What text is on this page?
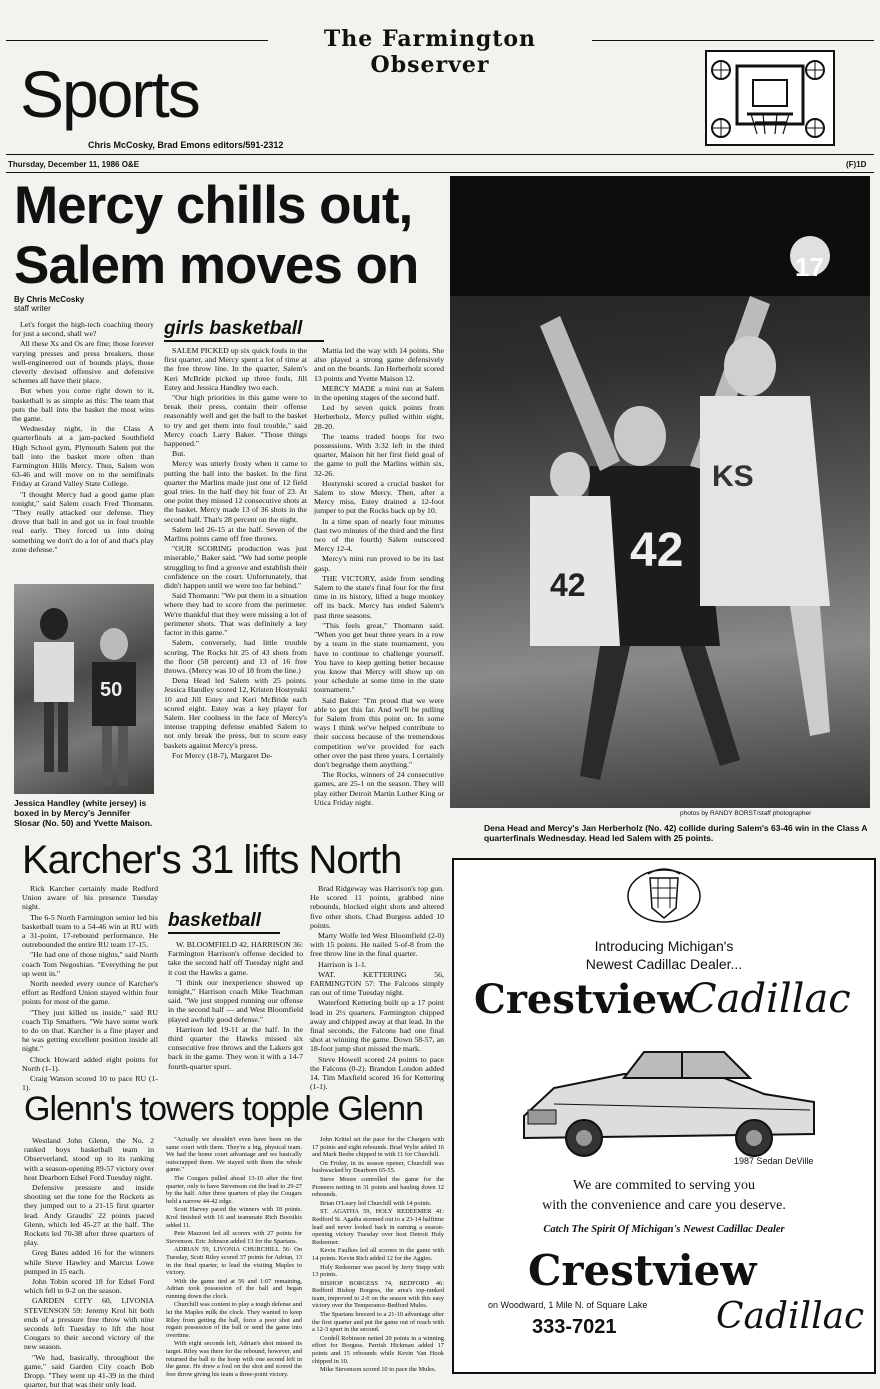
The Farmington Observer
Sports
Chris McCosky, Brad Emons editors/591-2312
Thursday, December 11, 1986 O&E	(F)1D
Mercy chills out,
Salem moves on
By Chris McCosky
staff writer

Let's forget the high-tech coaching theory for just a second, shall we?

All these Xs and Os are fine; those forever varying presses and press breakers, those well-engineered out of bounds plays, those cleverly devised offensive and defensive schemes all have their place.

But when you come right down to it, basketball is as simple as this: The team that puts the ball into the basket the most wins the game.

Wednesday night, in the Class A quarterfinals at a jam-packed Southfield High School gym, Plymouth Salem put the ball into the basket more often than Farmington Hills Mercy. Thus, Salem won 63-46 and will move on to the semifinals Friday at Grand Valley State College.

"I thought Mercy had a good game plan tonight," said Salem coach Fred Thomann. "They really attacked our defense. They drove that ball in and got us in foul trouble real early. They forced us into doing something we don't do a lot of and that's play zone defense."

50
Jessica Handley (white jersey) is boxed in by Mercy's Jennifer Slosar (No. 50) and Yvette Maison.
girls basketball

SALEM PICKED up six quick fouls in the first quarter, and Mercy spent a lot of time at the free throw line. In the quarter, Salem's Keri McBride picked up three fouls, Jill Estey and Jessica Handley two each.

"Our high priorities in this game were to break their press, contain their offense reasonably well and get the ball to the basket to try and get them into foul trouble," said Mercy coach Larry Baker. "Those things happened."

But.

Mercy was utterly frosty when it came to putting the ball into the basket. In the first quarter the Marlins made just one of 12 field goal tries. In the half they hit four of 23. At one point they missed 12 consecutive shots at the basket. Mercy made 13 of 36 shots in the second half. That's 28 percent on the night.

Salem led 26-15 at the half. Seven of the Marlins points came off free throws.

"OUR SCORING production was just miserable," Baker said. "We had some people struggling to find a groove and establish their confidence on the court. Unfortunately, that didn't happen until we were too far behind."

Said Thomann: "We put them in a situation where they had to score from the perimeter. We're thankful that they were missing a lot of perimeter shots. That was definitely a key factor in this game."

Salem, conversely, had little trouble scoring. The Rocks hit 25 of 43 shots from the floor (58 percent) and 13 of 16 free throws. (Mercy was 10 of 18 from the line.)

Dena Head led Salem with 25 points. Jessica Handley scored 12, Kristen Hostynski 10 and Jill Estey and Keri McBride each scored eight. Estey was a key player for Salem. Her coolness in the face of Mercy's intense trapping defense enabled Salem to not only break the press, but to score easy baskets against Mercy's press.

For Mercy (18-7), Margaret De-

Mattia led the way with 14 points. She also played a strong game defensively and on the boards. Jan Herberholz scored 13 points and Yvette Maison 12.

MERCY MADE a mini run at Salem in the opening stages of the second half.

Led by seven quick points from Herberholz, Mercy pulled within eight, 28-20.

The teams traded hoops for two possessions. With 3:32 left in the third quarter, Maison hit her first field goal of the game to pull the Marlins within six, 32-26.

Hostynski scored a crucial basket for Salem to slow Mercy. Then, after a Mercy miss, Estey drained a 12-foot jumper to put the Rocks back up by 10.

In a time span of nearly four minutes (last two minutes of the third and the first two of the fourth) Salem outscored Mercy 12-4.

Mercy's mini run proved to be its last gasp.

THE VICTORY, aside from sending Salem to the state's final four for the first time in its history, lifted a huge monkey off its back. Mercy has ended Salem's past three seasons.

"This feels great," Thomann said. "When you get beat three years in a row by a team in the state tournament, you have to continue to challenge yourself. You have to keep getting better because you know that Mercy will show up on your schedule at some time in the state tournament."

Said Baker: "I'm proud that we were able to get this far. And we'll be pulling for Salem from this point on. In some ways I think we've helped contribute to their success because of the tremendous competition we've provided for each other over the past three years. I certainly don't begrudge them anything."

The Rocks, winners of 24 consecutive games, are 25-1 on the season. They will play either Detroit Martin Luther King or Utica Friday night.

42
KS
42
17
photos by RANDY BORST/staff photographer
Dena Head and Mercy's Jan Herberholz (No. 42) collide during Salem's 63-46 win in the Class A quarterfinals Wednesday. Head led Salem with 25 points.
Karcher's 31 lifts North

Rick Karcher certainly made Redford Union aware of his presence Tuesday night.

The 6-5 North Farmington senior led his basketball team to a 54-46 win at RU with a 31-point, 17-rebound performance. He outrebounded the entire RU team 17-15.

"He had one of those nights," said North coach Tom Negoshian. "Everything he put up went in."

North needed every ounce of Karcher's effort as Redford Union stayed within four points for most of the game.

"They just killed us inside," said RU coach Tip Smathers. "We have some work to do on that. Karcher is a fine player and he was getting excellent position inside all night."

Chuck Howard added eight points for North (1-1).

Craig Watson scored 10 to pace RU (1-1).

basketball

W. BLOOMFIELD 42, HARRISON 36: Farmington Harrison's offense decided to take the second half off Tuesday night and it cost the Hawks a game.

"I think our inexperience showed up tonight," Harrison coach Mike Teachman said. "We just stopped running our offense in the second half — and West Bloomfield played awfully good defense."

Harrison led 19-11 at the half. In the third quarter the Hawks missed six consecutive free throws and the Lakers got back in the game. They won it with a 14-7 fourth-quarter spurt.

Brad Ridgeway was Harrison's top gun. He scored 11 points, grabbed nine rebounds, blocked eight shots and altered five other shots. Chad Burgess added 10 points.

Marty Wolfe led West Bloomfield (2-0) with 15 points. He nailed 5-of-8 from the free throw line in the final quarter.

Harrison is 1-1.

WAT. KETTERING 56, FARMINGTON 57: The Falcons simply ran out of time Tuesday night.

Waterford Kettering built up a 17 point lead in 2½ quarters. Farmington chipped away and chipped away at that lead. In the final seconds, the Falcons had one final shot at winning the game. Down 58-57, an 18-foot jump shot missed the mark.

Steve Howell scored 24 points to pace the Falcons (0-2). Brandon London added 14. Tim Maxfield scored 16 for Kettering (1-1).

Glenn's towers topple Glenn

Westland John Glenn, the No. 2 ranked boys basketball team in Observerland, stood up to its ranking with a season-opening 89-57 victory over host Dearborn Edsel Ford Tuesday night.

Defensive pressure and inside shooting set the tone for the Rockets as they jumped out to a 21-15 first quarter lead. Andy Graudis' 22 points paced Glenn, which led 45-27 at the half. The Rockets led 70-38 after three quarters of play.

Greg Bates added 16 for the winners while Steve Hawley and Marcus Lowe pumped in 15 each.

John Tobin scored 18 for Edsel Ford which fell to 0-2 on the season.

GARDEN CITY 60, LIVONIA STEVENSON 59: Jeremy Krol hit both ends of a pressure free throw with nine seconds left Tuesday to lift the host Cougars to their second victory of the new season.

"We had, basically, throughout the game," said Garden City coach Bob Dropp. "They went up 41-39 in the third quarter, but that was their only lead.

"Actually we shouldn't even have been on the same court with them. They're a big, physical team. We had the home court advantage and we basically outscrapped them. We stayed with them the whole game."

The Cougars pulled ahead 13-10 after the first quarter, only to have Stevenson cut the lead to 29-27 by the half. After three quarters of play the Cougars held a narrow 44-42 edge.

Scott Harvey paced the winners with 18 points. Krol finished with 16 and teammate Rich Boosikis added 11.

Pete Mazzoni led all scorers with 27 points for Stevenson. Eric Johnson added 13 for the Spartans.

ADRIAN 59, LIVONIA CHURCHILL 56: On Tuesday, Scott Riley scored 37 points for Adrian, 13 in the final quarter, to lead the visiting Maples to victory.

With the game tied at 56 and 1:07 remaining, Adrian took possession of the ball and began running down the clock.

Churchill was content to play a tough defense and let the Maples milk the clock. They wanted to keep Riley from getting the ball, force a poor shot and regain possession of the ball or send the game into overtime.

With eight seconds left, Adrian's shot missed its target. Riley was there for the rebound, however, and returned the ball to the hoop with one second left in the game. He drew a foul on the shot and scored the free throw giving his team a three-point victory.

John Krittel set the pace for the Chargers with 17 points and eight rebounds. Brad Wylie added 16 and Mark Beebe chipped in with 11 for Churchill.

On Friday, in its season opener, Churchill was bushwacked by Dearborn 65-55.

Steve Moore controlled the game for the Pioneers netting in 31 points and hauling down 12 rebounds.

Brian O'Leary led Churchill with 14 points.

ST. AGATHA 59, HOLY REDEEMER 41: Redford St. Agatha stormed out to a 23-14 halftime lead and never looked back in earning a season-opening victory Tuesday over host Detroit Holy Redeemer.

Kevin Faulkes led all scorers in the game with 14 points. Kevin Rich added 12 for the Aggies.

Holy Redeemer was paced by Jerry Stepp with 13 points.

BISHOP BORGESS 74, BEDFORD 46: Redford Bishop Borgess, the area's top-ranked team, improved to 2-0 on the season with this easy victory over the Temperance-Bedford Mules.

The Spartans breezed to a 21-10 advantage after the first quarter and put the game out of reach with a 12-3 spurt in the second.

Cordell Robinson netted 20 points in a winning effort for Borgess. Parrish Hickman added 17 points and 15 rebounds while Kevin Van Hook chipped in 10.

Mike Stevenson scored 10 to pace the Mules.

Introducing Michigan's
Newest Cadillac Dealer...
Crestview
Cadillac
1987 Sedan DeVille
We are commited to serving you
with the convenience and care you deserve.
Catch The Spirit Of Michigan's Newest Cadillac Dealer
Crestview
on Woodward, 1 Mile N. of Square Lake
333-7021	Cadillac
